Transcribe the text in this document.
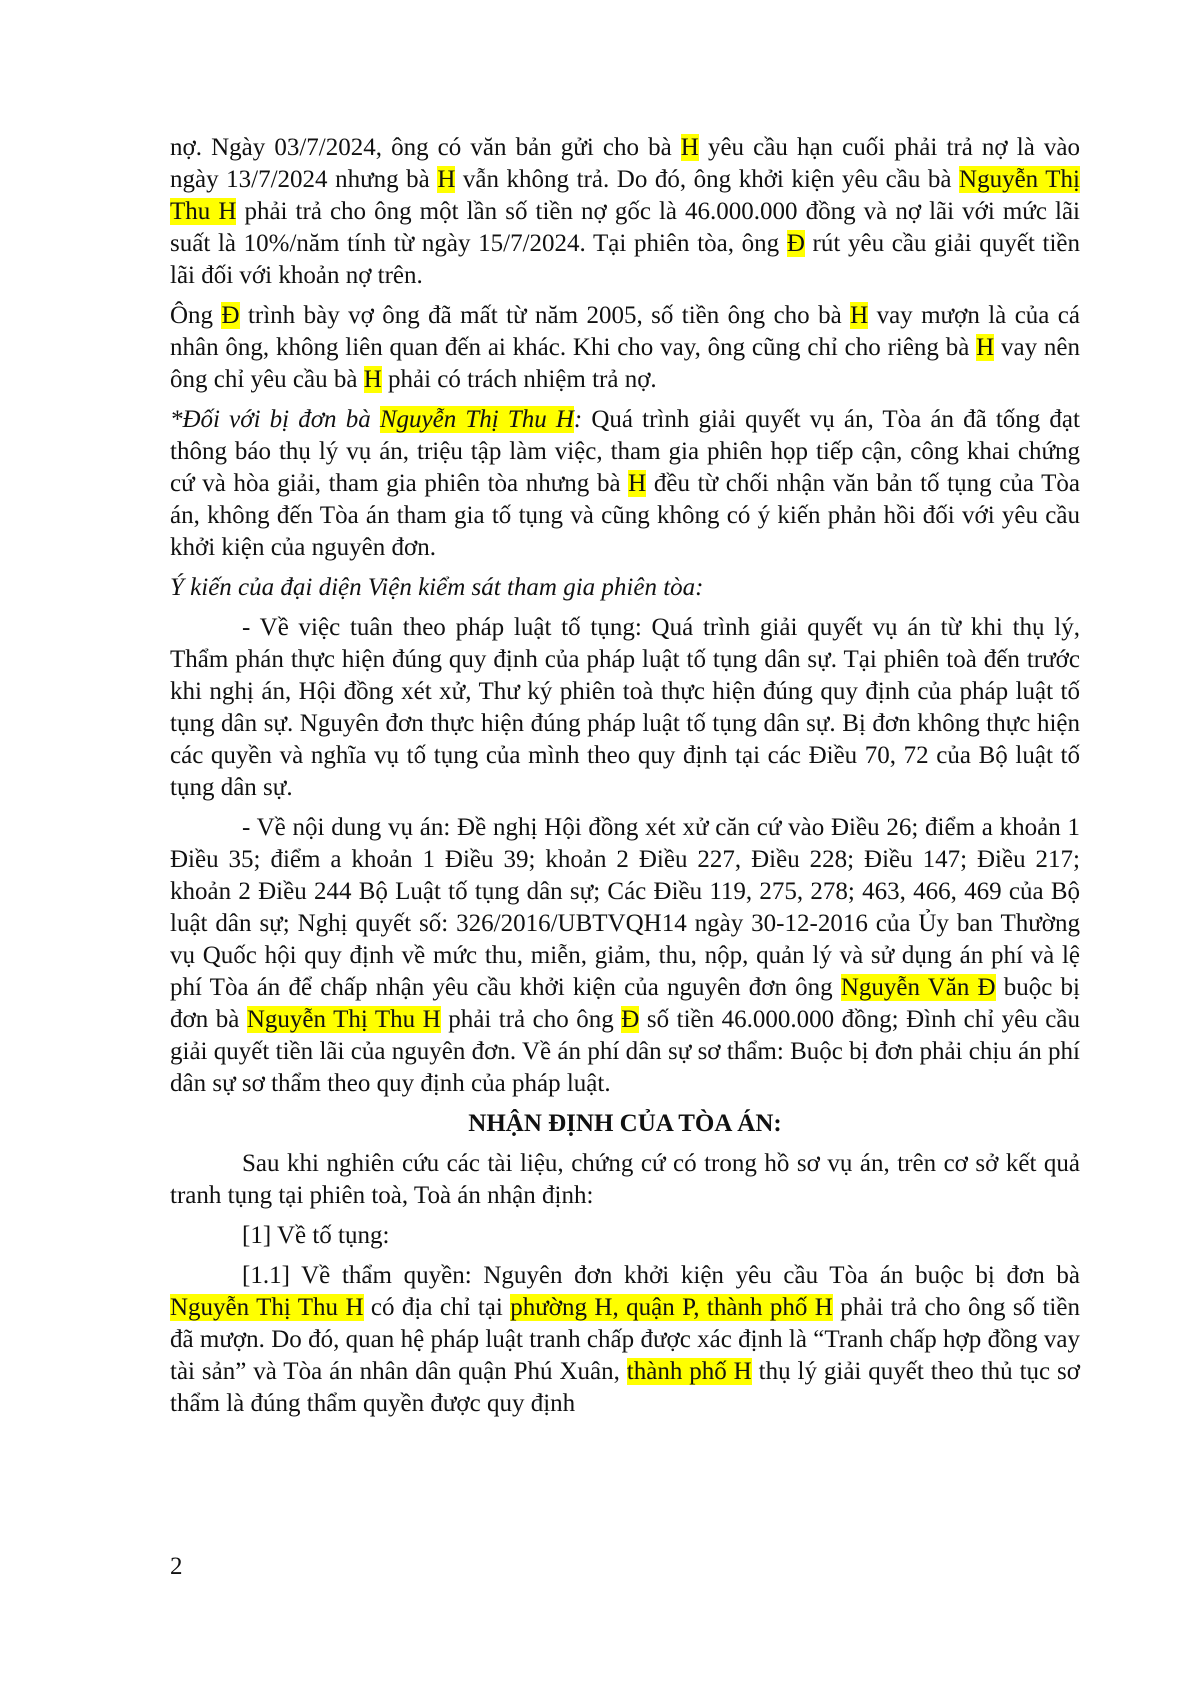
nợ. Ngày 03/7/2024, ông có văn bản gửi cho bà H yêu cầu hạn cuối phải trả nợ là vào ngày 13/7/2024 nhưng bà H vẫn không trả. Do đó, ông khởi kiện yêu cầu bà Nguyễn Thị Thu H phải trả cho ông một lần số tiền nợ gốc là 46.000.000 đồng và nợ lãi với mức lãi suất là 10%/năm tính từ ngày 15/7/2024. Tại phiên tòa, ông Đ rút yêu cầu giải quyết tiền lãi đối với khoản nợ trên.

Ông Đ trình bày vợ ông đã mất từ năm 2005, số tiền ông cho bà H vay mượn là của cá nhân ông, không liên quan đến ai khác. Khi cho vay, ông cũng chỉ cho riêng bà H vay nên ông chỉ yêu cầu bà H phải có trách nhiệm trả nợ.

*Đối với bị đơn bà Nguyễn Thị Thu H: Quá trình giải quyết vụ án, Tòa án đã tống đạt thông báo thụ lý vụ án, triệu tập làm việc, tham gia phiên họp tiếp cận, công khai chứng cứ và hòa giải, tham gia phiên tòa nhưng bà H đều từ chối nhận văn bản tố tụng của Tòa án, không đến Tòa án tham gia tố tụng và cũng không có ý kiến phản hồi đối với yêu cầu khởi kiện của nguyên đơn.

Ý kiến của đại diện Viện kiểm sát tham gia phiên tòa:

- Về việc tuân theo pháp luật tố tụng: Quá trình giải quyết vụ án từ khi thụ lý, Thẩm phán thực hiện đúng quy định của pháp luật tố tụng dân sự. Tại phiên toà đến trước khi nghị án, Hội đồng xét xử, Thư ký phiên toà thực hiện đúng quy định của pháp luật tố tụng dân sự. Nguyên đơn thực hiện đúng pháp luật tố tụng dân sự. Bị đơn không thực hiện các quyền và nghĩa vụ tố tụng của mình theo quy định tại các Điều 70, 72 của Bộ luật tố tụng dân sự.

- Về nội dung vụ án: Đề nghị Hội đồng xét xử căn cứ vào Điều 26; điểm a khoản 1 Điều 35; điểm a khoản 1 Điều 39; khoản 2 Điều 227, Điều 228; Điều 147; Điều 217; khoản 2 Điều 244 Bộ Luật tố tụng dân sự; Các Điều 119, 275, 278; 463, 466, 469 của Bộ luật dân sự; Nghị quyết số: 326/2016/UBTVQH14 ngày 30-12-2016 của Ủy ban Thường vụ Quốc hội quy định về mức thu, miễn, giảm, thu, nộp, quản lý và sử dụng án phí và lệ phí Tòa án để chấp nhận yêu cầu khởi kiện của nguyên đơn ông Nguyễn Văn Đ buộc bị đơn bà Nguyễn Thị Thu H phải trả cho ông Đ số tiền 46.000.000 đồng; Đình chỉ yêu cầu giải quyết tiền lãi của nguyên đơn. Về án phí dân sự sơ thẩm: Buộc bị đơn phải chịu án phí dân sự sơ thẩm theo quy định của pháp luật.

NHẬN ĐỊNH CỦA TÒA ÁN:

Sau khi nghiên cứu các tài liệu, chứng cứ có trong hồ sơ vụ án, trên cơ sở kết quả tranh tụng tại phiên toà, Toà án nhận định:

[1] Về tố tụng:

[1.1] Về thẩm quyền: Nguyên đơn khởi kiện yêu cầu Tòa án buộc bị đơn bà Nguyễn Thị Thu H có địa chỉ tại phường H, quận P, thành phố H phải trả cho ông số tiền đã mượn. Do đó, quan hệ pháp luật tranh chấp được xác định là “Tranh chấp hợp đồng vay tài sản” và Tòa án nhân dân quận Phú Xuân, thành phố H thụ lý giải quyết theo thủ tục sơ thẩm là đúng thẩm quyền được quy định

2
